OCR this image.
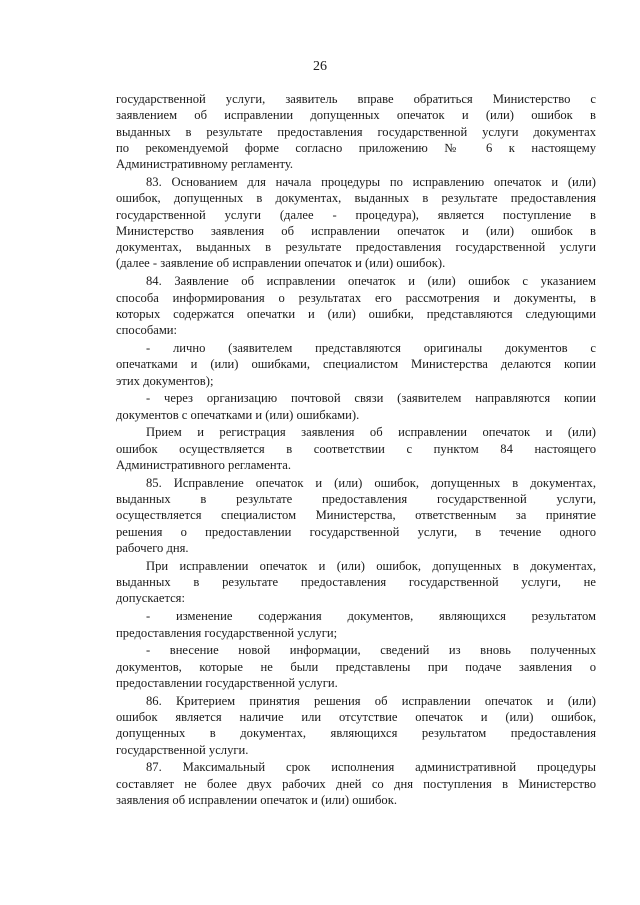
26
государственной услуги, заявитель вправе обратиться Министерство с
заявлением об исправлении допущенных опечаток и (или) ошибок в
выданных в результате предоставления государственной услуги документах
по рекомендуемой форме согласно приложению № 6 к настоящему
Административному регламенту.
83. Основанием для начала процедуры по исправлению опечаток и (или)
ошибок, допущенных в документах, выданных в результате предоставления
государственной услуги (далее - процедура), является поступление в
Министерство заявления об исправлении опечаток и (или) ошибок в
документах, выданных в результате предоставления государственной услуги
(далее - заявление об исправлении опечаток и (или) ошибок).
84. Заявление об исправлении опечаток и (или) ошибок с указанием
способа информирования о результатах его рассмотрения и документы, в
которых содержатся опечатки и (или) ошибки, представляются следующими
способами:
- лично (заявителем представляются оригиналы документов с
опечатками и (или) ошибками, специалистом Министерства делаются копии
этих документов);
- через организацию почтовой связи (заявителем направляются копии
документов с опечатками и (или) ошибками).
Прием и регистрация заявления об исправлении опечаток и (или)
ошибок осуществляется в соответствии с пунктом 84 настоящего
Административного регламента.
85. Исправление опечаток и (или) ошибок, допущенных в документах,
выданных в результате предоставления государственной услуги,
осуществляется специалистом Министерства, ответственным за принятие
решения о предоставлении государственной услуги, в течение одного
рабочего дня.
При исправлении опечаток и (или) ошибок, допущенных в документах,
выданных в результате предоставления государственной услуги, не
допускается:
- изменение содержания документов, являющихся результатом
предоставления государственной услуги;
- внесение новой информации, сведений из вновь полученных
документов, которые не были представлены при подаче заявления о
предоставлении государственной услуги.
86. Критерием принятия решения об исправлении опечаток и (или)
ошибок является наличие или отсутствие опечаток и (или) ошибок,
допущенных в документах, являющихся результатом предоставления
государственной услуги.
87. Максимальный срок исполнения административной процедуры
составляет не более двух рабочих дней со дня поступления в Министерство
заявления об исправлении опечаток и (или) ошибок.
